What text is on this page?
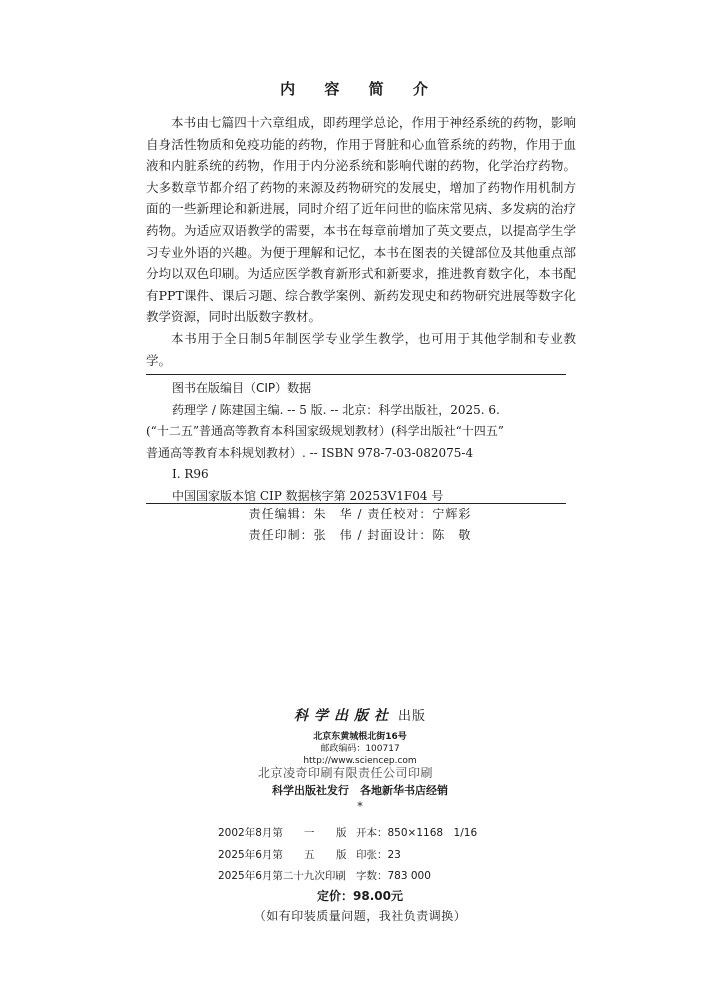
内 容 简 介

本书由七篇四十六章组成，即药理学总论，作用于神经系统的药物，影响自身活性物质和免疫功能的药物，作用于肾脏和心血管系统的药物，作用于血液和内脏系统的药物，作用于内分泌系统和影响代谢的药物，化学治疗药物。大多数章节都介绍了药物的来源及药物研究的发展史，增加了药物作用机制方面的一些新理论和新进展，同时介绍了近年问世的临床常见病、多发病的治疗药物。为适应双语教学的需要，本书在每章前增加了英文要点，以提高学生学习专业外语的兴趣。为便于理解和记忆，本书在图表的关键部位及其他重点部分均以双色印刷。为适应医学教育新形式和新要求，推进教育数字化，本书配有PPT课件、课后习题、综合教学案例、新药发现史和药物研究进展等数字化教学资源，同时出版数字教材。

本书用于全日制5年制医学专业学生教学，也可用于其他学制和专业教学。

图书在版编目（CIP）数据
药理学 / 陈建国主编. -- 5 版. -- 北京：科学出版社，2025. 6.
(“十二五”普通高等教育本科国家级规划教材）(科学出版社“十四五”
普通高等教育本科规划教材）. -- ISBN 978-7-03-082075-4
I. R96
中国国家版本馆 CIP 数据核字第 20253V1F04 号
责任编辑：朱　华 / 责任校对：宁辉彩
责任印制：张　伟 / 封面设计：陈　敬
科学出版社 出版
北京东黄城根北街16号
邮政编码：100717
http://www.sciencep.com
北京凌奇印刷有限责任公司印刷
科学出版社发行　各地新华书店经销
*
2002年8月第 一 版 开本：850×1168　1/16
2025年6月第 五 版 印张：23
2025年6月第二十九次印刷 字数：783 000
定价：98.00元
（如有印装质量问题，我社负责调换）
